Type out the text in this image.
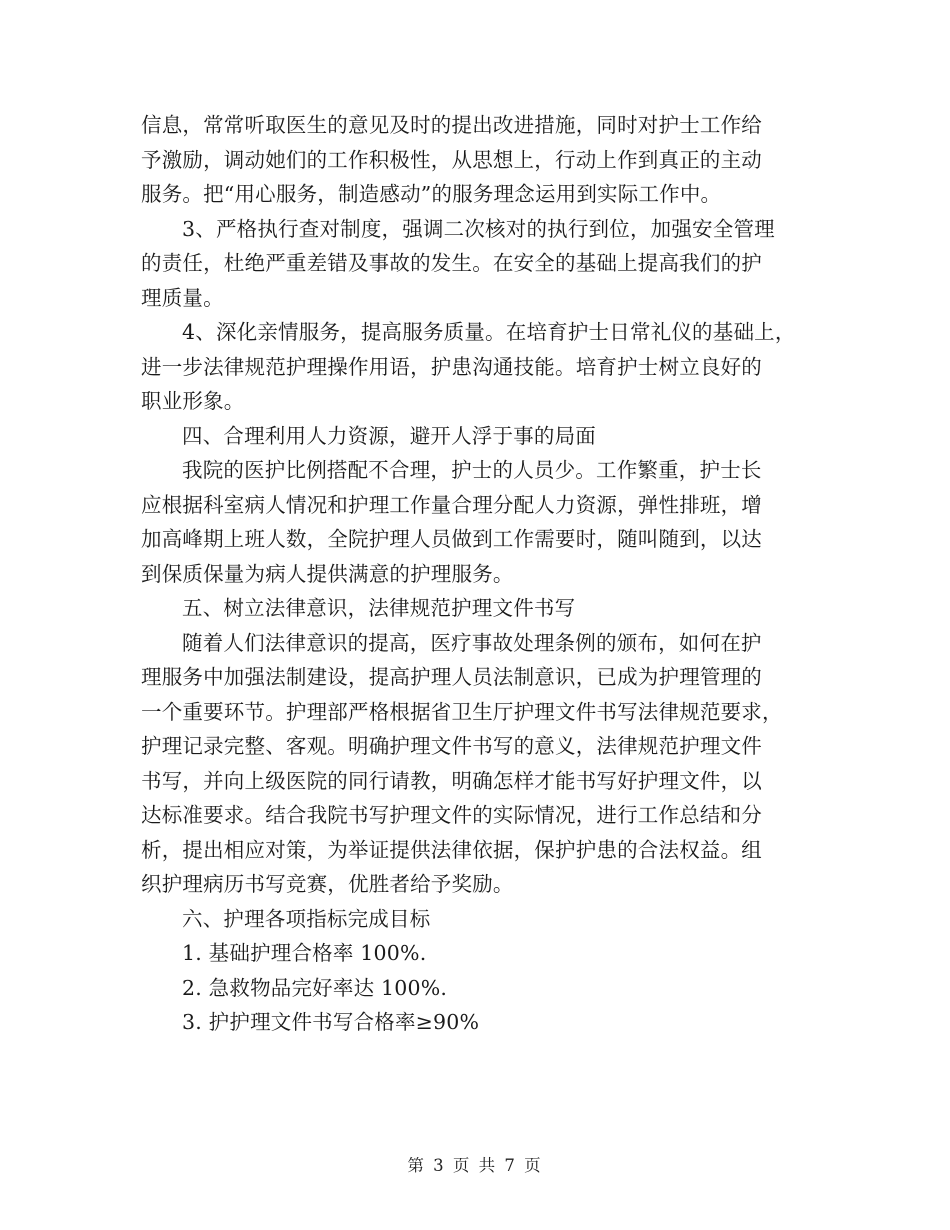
信息，常常听取医生的意见及时的提出改进措施，同时对护士工作给
予激励，调动她们的工作积极性，从思想上，行动上作到真正的主动
服务。把“用心服务，制造感动”的服务理念运用到实际工作中。
3、严格执行查对制度，强调二次核对的执行到位，加强安全管理
的责任，杜绝严重差错及事故的发生。在安全的基础上提高我们的护
理质量。
4、深化亲情服务，提高服务质量。在培育护士日常礼仪的基础上，
进一步法律规范护理操作用语，护患沟通技能。培育护士树立良好的
职业形象。
四、合理利用人力资源，避开人浮于事的局面
我院的医护比例搭配不合理，护士的人员少。工作繁重，护士长
应根据科室病人情况和护理工作量合理分配人力资源，弹性排班，增
加高峰期上班人数，全院护理人员做到工作需要时，随叫随到，以达
到保质保量为病人提供满意的护理服务。
五、树立法律意识，法律规范护理文件书写
随着人们法律意识的提高，医疗事故处理条例的颁布，如何在护
理服务中加强法制建设，提高护理人员法制意识，已成为护理管理的
一个重要环节。护理部严格根据省卫生厅护理文件书写法律规范要求，
护理记录完整、客观。明确护理文件书写的意义，法律规范护理文件
书写，并向上级医院的同行请教，明确怎样才能书写好护理文件，以
达标准要求。结合我院书写护理文件的实际情况，进行工作总结和分
析，提出相应对策，为举证提供法律依据，保护护患的合法权益。组
织护理病历书写竞赛，优胜者给予奖励。
六、护理各项指标完成目标
1. 基础护理合格率 100%.
2. 急救物品完好率达 100%.
3. 护护理文件书写合格率≥90%
第 3 页 共 7 页
